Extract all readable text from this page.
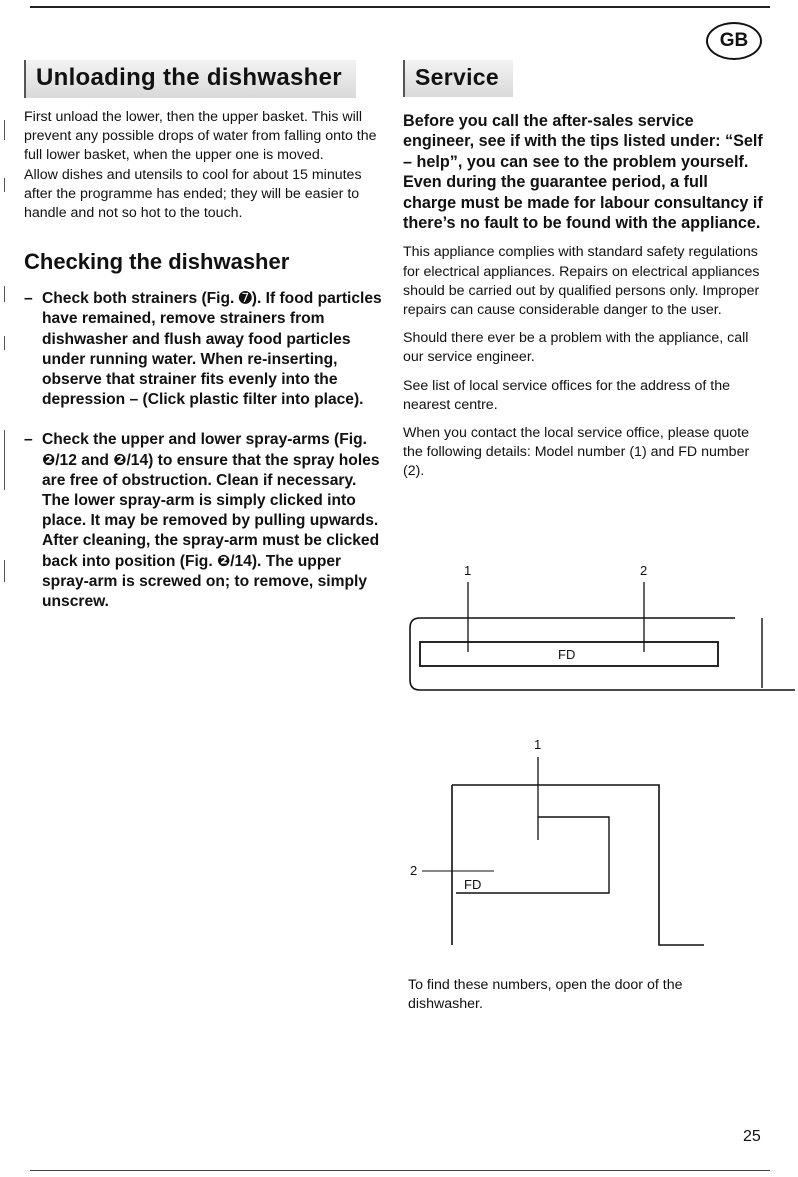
GB
Unloading the dishwasher

First unload the lower, then the upper basket. This will prevent any possible drops of water from falling onto the full lower basket, when the upper one is moved.

Allow dishes and utensils to cool for about 15 minutes after the programme has ended; they will be easier to handle and not so hot to the touch.

Checking the dishwasher
– Check both strainers (Fig. ➐). If food particles have remained, remove strainers from dishwasher and flush away food particles under running water. When re-inserting, observe that strainer fits evenly into the depression – (Click plastic filter into place).
– Check the upper and lower spray-arms (Fig. ❷/12 and ❷/14) to ensure that the spray holes are free of obstruction. Clean if necessary. The lower spray-arm is simply clicked into place. It may be removed by pulling upwards. After cleaning, the spray-arm must be clicked back into position (Fig. ❷/14). The upper spray-arm is screwed on; to remove, simply unscrew.
Service

Before you call the after-sales service engineer, see if with the tips listed under: “Self – help”, you can see to the problem yourself. Even during the guarantee period, a full charge must be made for labour consultancy if there’s no fault to be found with the appliance.

This appliance complies with standard safety regulations for electrical appliances. Repairs on electrical appliances should be carried out by qualified persons only. Improper repairs can cause considerable danger to the user.

Should there ever be a problem with the appliance, call our service engineer.

See list of local service offices for the address of the nearest centre.

When you contact the local service office, please quote the following details: Model number (1) and FD number (2).

1	2
FD
1
2
FD

To find these numbers, open the door of the dishwasher.

25
